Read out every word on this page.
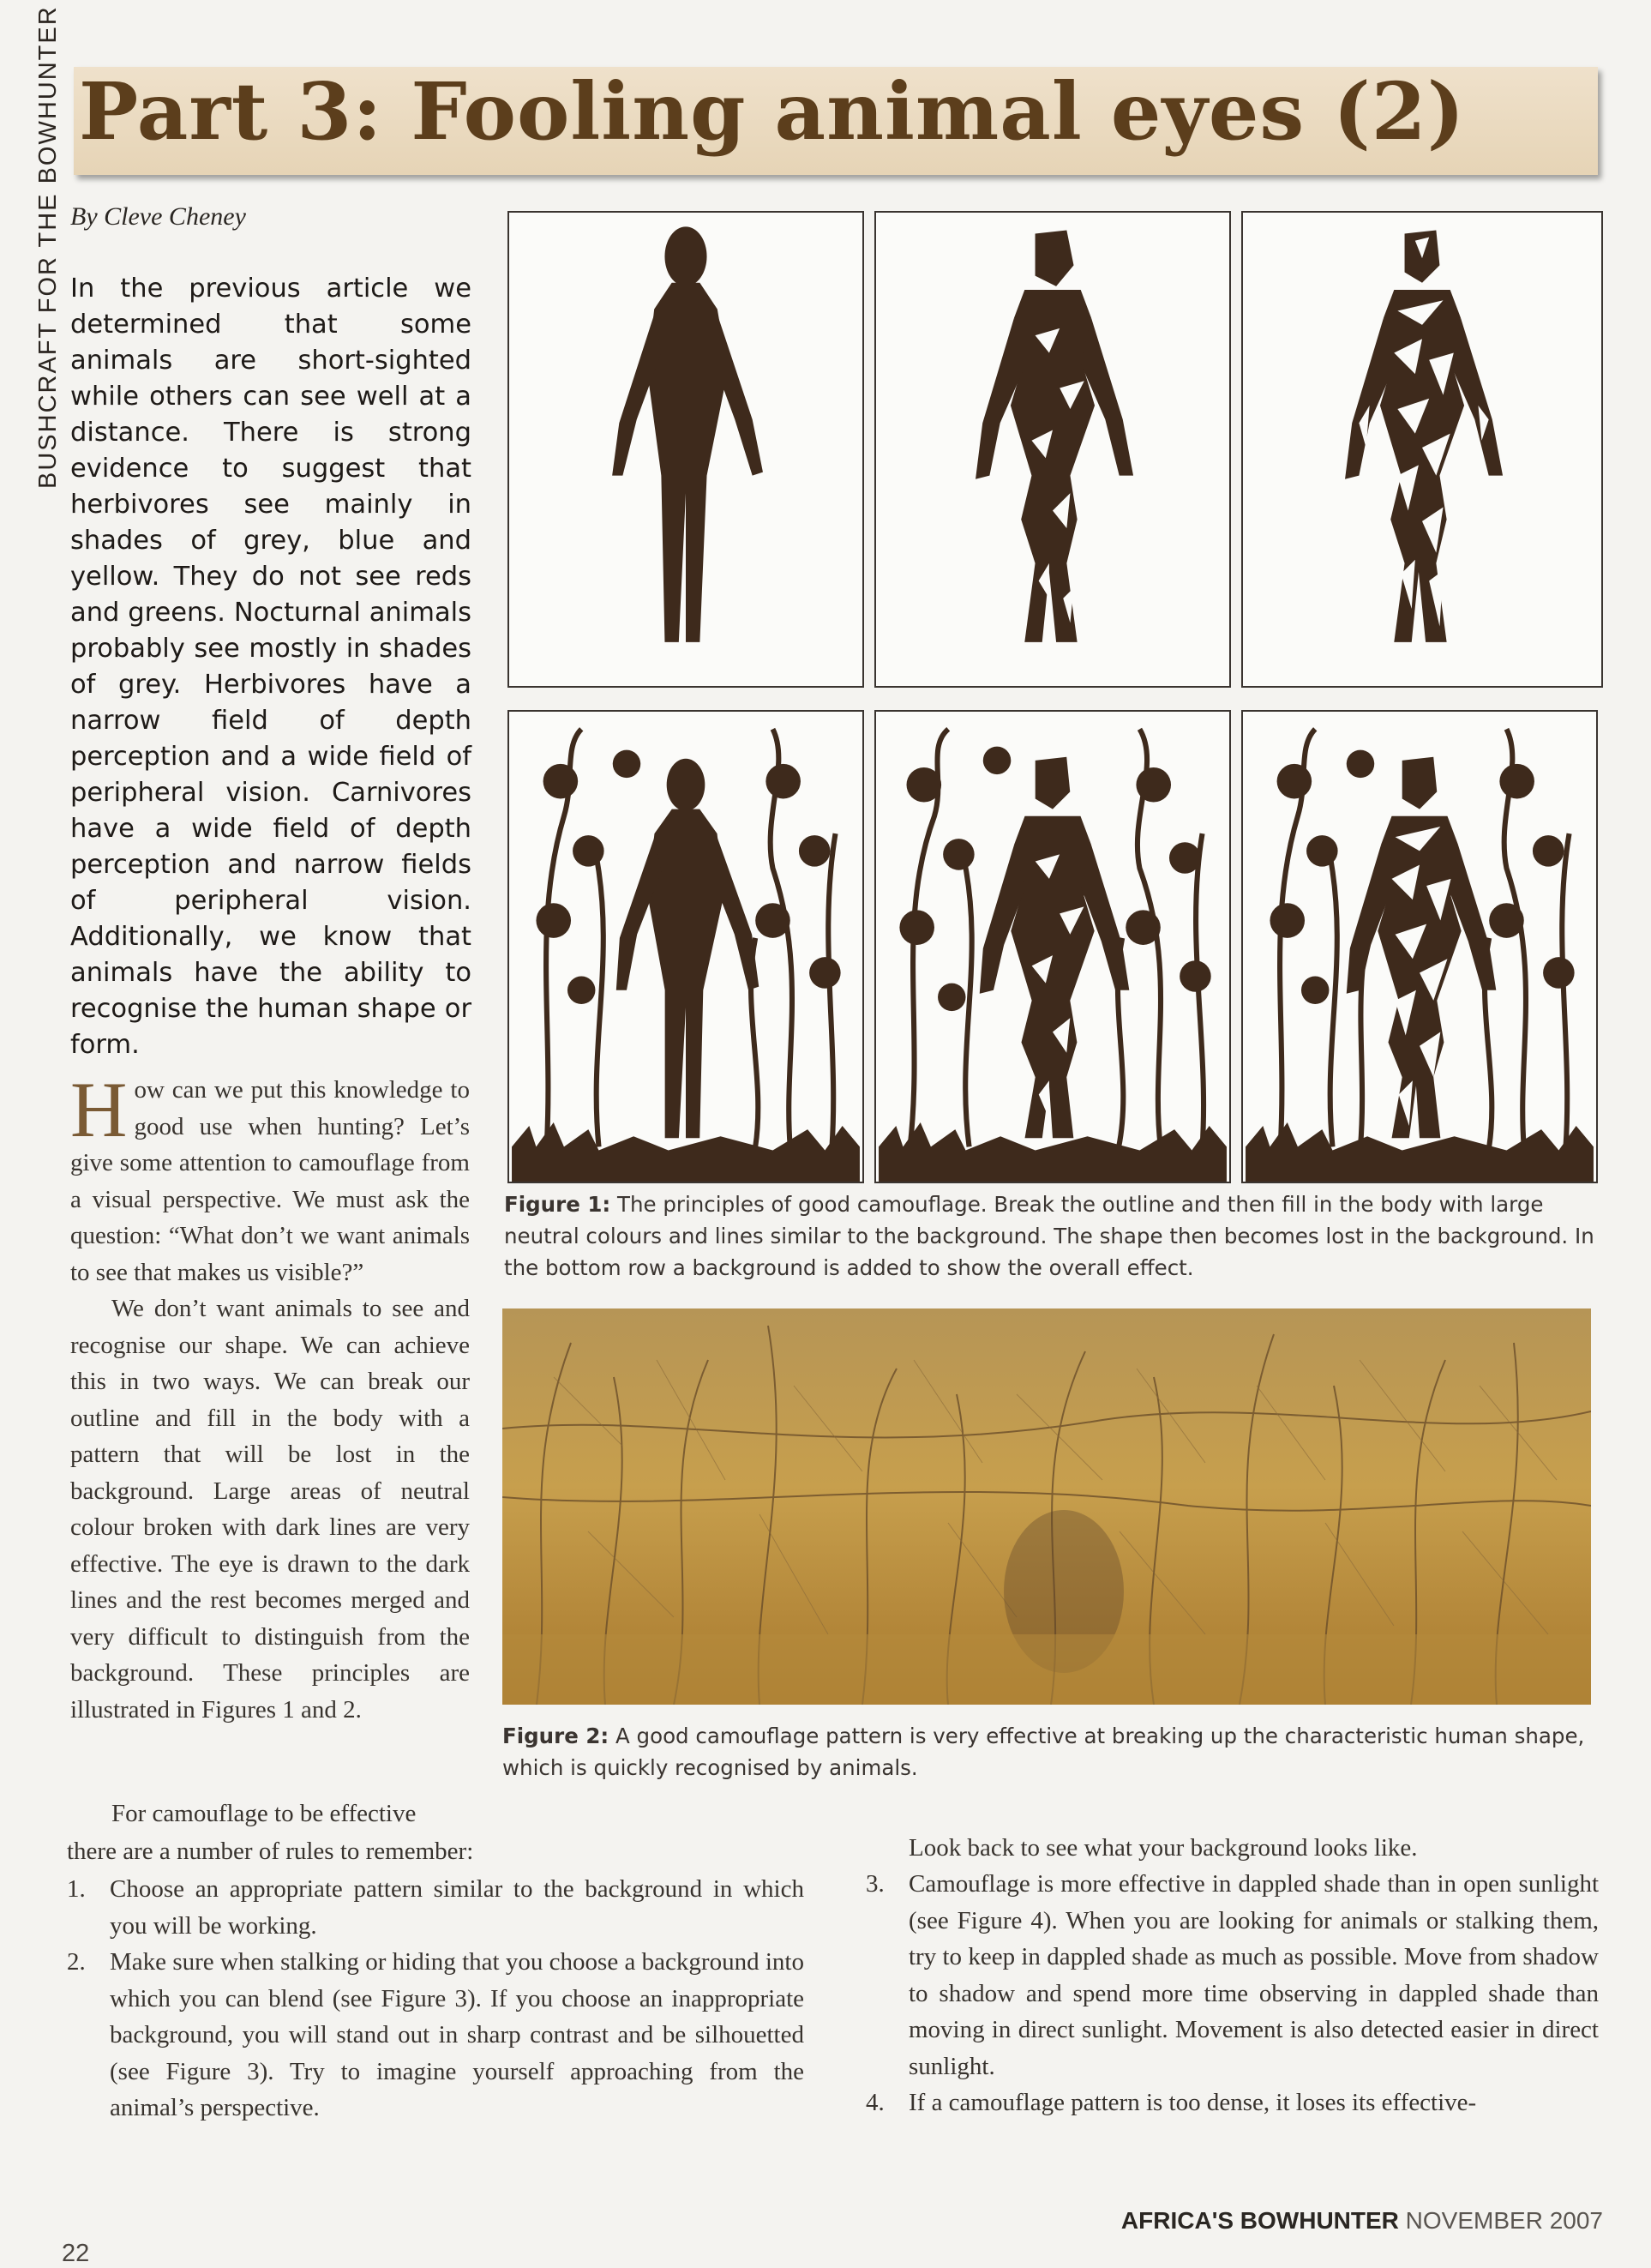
BUSHCRAFT FOR THE BOWHUNTER Part 3: Fooling animal eyes (2)
By Cleve Cheney
In the previous article we determined that some animals are short-sighted while others can see well at a distance. There is strong evidence to suggest that herbivores see mainly in shades of grey, blue and yellow. They do not see reds and greens. Nocturnal animals probably see mostly in shades of grey. Herbivores have a narrow field of depth perception and a wide field of peripheral vision. Carnivores have a wide field of depth perception and narrow fields of peripheral vision. Additionally, we know that animals have the ability to recognise the human shape or form.

How can we put this knowledge to good use when hunting? Let’s give some attention to camouflage from a visual perspective. We must ask the question: “What don’t we want animals to see that makes us visible?”

We don’t want animals to see and recognise our shape. We can achieve this in two ways. We can break our outline and fill in the body with a pattern that will be lost in the background. Large areas of neutral colour broken with dark lines are very effective. The eye is drawn to the dark lines and the rest becomes merged and very difficult to distinguish from the background. These principles are illustrated in Figures 1 and 2.

For camouflage to be effective
there are a number of rules to remember:
1. Choose an appropriate pattern similar to the background in which you will be working.
2. Make sure when stalking or hiding that you choose a background into which you can blend (see Figure 3). If you choose an inappropriate background, you will stand out in sharp contrast and be silhouetted (see Figure 3). Try to imagine yourself approaching from the animal’s perspective.
Look back to see what your background looks like.
3. Camouflage is more effective in dappled shade than in open sunlight (see Figure 4). When you are looking for animals or stalking them, try to keep in dappled shade as much as possible. Move from shadow to shadow and spend more time observing in dappled shade than moving in direct sunlight. Movement is also detected easier in direct sunlight.
4. If a camouflage pattern is too dense, it loses its effective-
Figure 1: The principles of good camouflage. Break the outline and then fill in the body with large neutral colours and lines similar to the background. The shape then becomes lost in the background. In the bottom row a background is added to show the overall effect.
Figure 2: A good camouflage pattern is very effective at breaking up the characteristic human shape, which is quickly recognised by animals.
22
AFRICA'S BOWHUNTER NOVEMBER 2007
